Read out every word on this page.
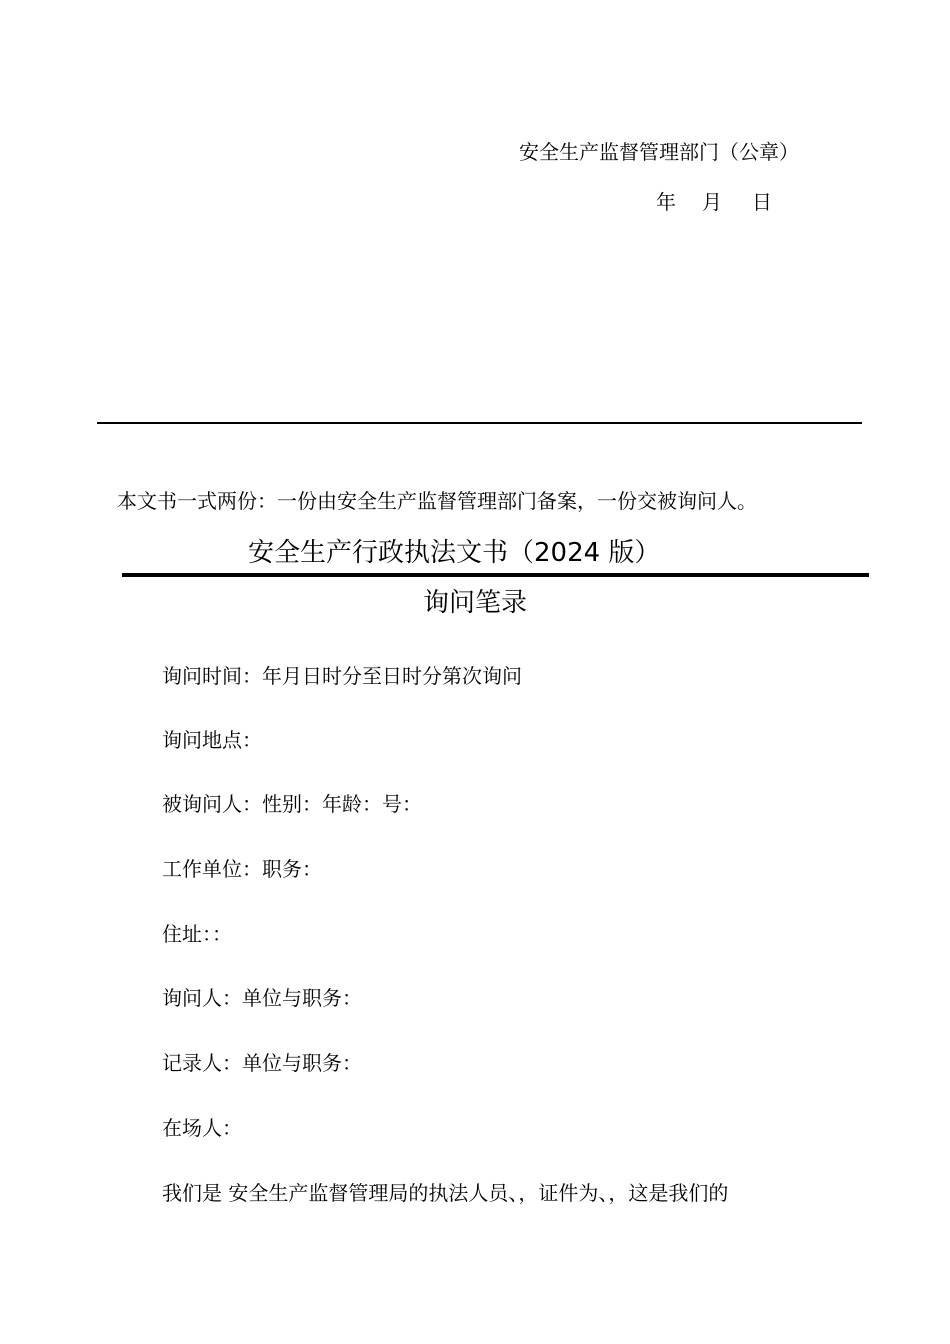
安全生产监督管理部门（公章）
年 月 日
本文书一式两份：一份由安全生产监督管理部门备案，一份交被询问人。
安全生产行政执法文书（2024 版）
询问笔录
询问时间：年月日时分至日时分第次询问
询问地点：
被询问人：性别：年龄：号：
工作单位：职务：
住址：：
询问人：单位与职务：
记录人：单位与职务：
在场人：
我们是 安全生产监督管理局的执法人员、，证件为、，这是我们的
